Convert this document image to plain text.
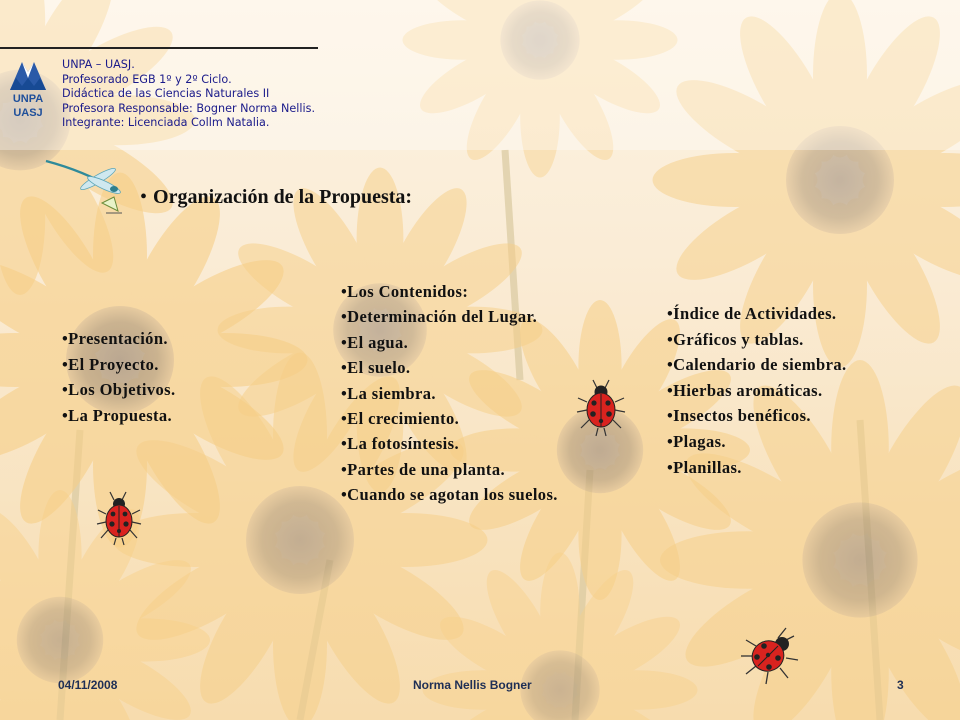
UNPA
UASJ
UNPA – UASJ.
Profesorado EGB 1º y 2º Ciclo.
Didáctica de las Ciencias Naturales II
Profesora Responsable: Bogner Norma Nellis.
Integrante: Licenciada Collm Natalia.
• Organización de la Propuesta:
•Presentación.
•El Proyecto.
•Los Objetivos.
•La Propuesta.
•Los Contenidos:
•Determinación del Lugar.
•El agua.
•El suelo.
•La siembra.
•El crecimiento.
•La fotosíntesis.
•Partes de una planta.
•Cuando se agotan los suelos.
•Índice de Actividades.
•Gráficos y tablas.
•Calendario de siembra.
•Hierbas aromáticas.
•Insectos benéficos.
•Plagas.
•Planillas.
04/11/2008	Norma Nellis Bogner	3
